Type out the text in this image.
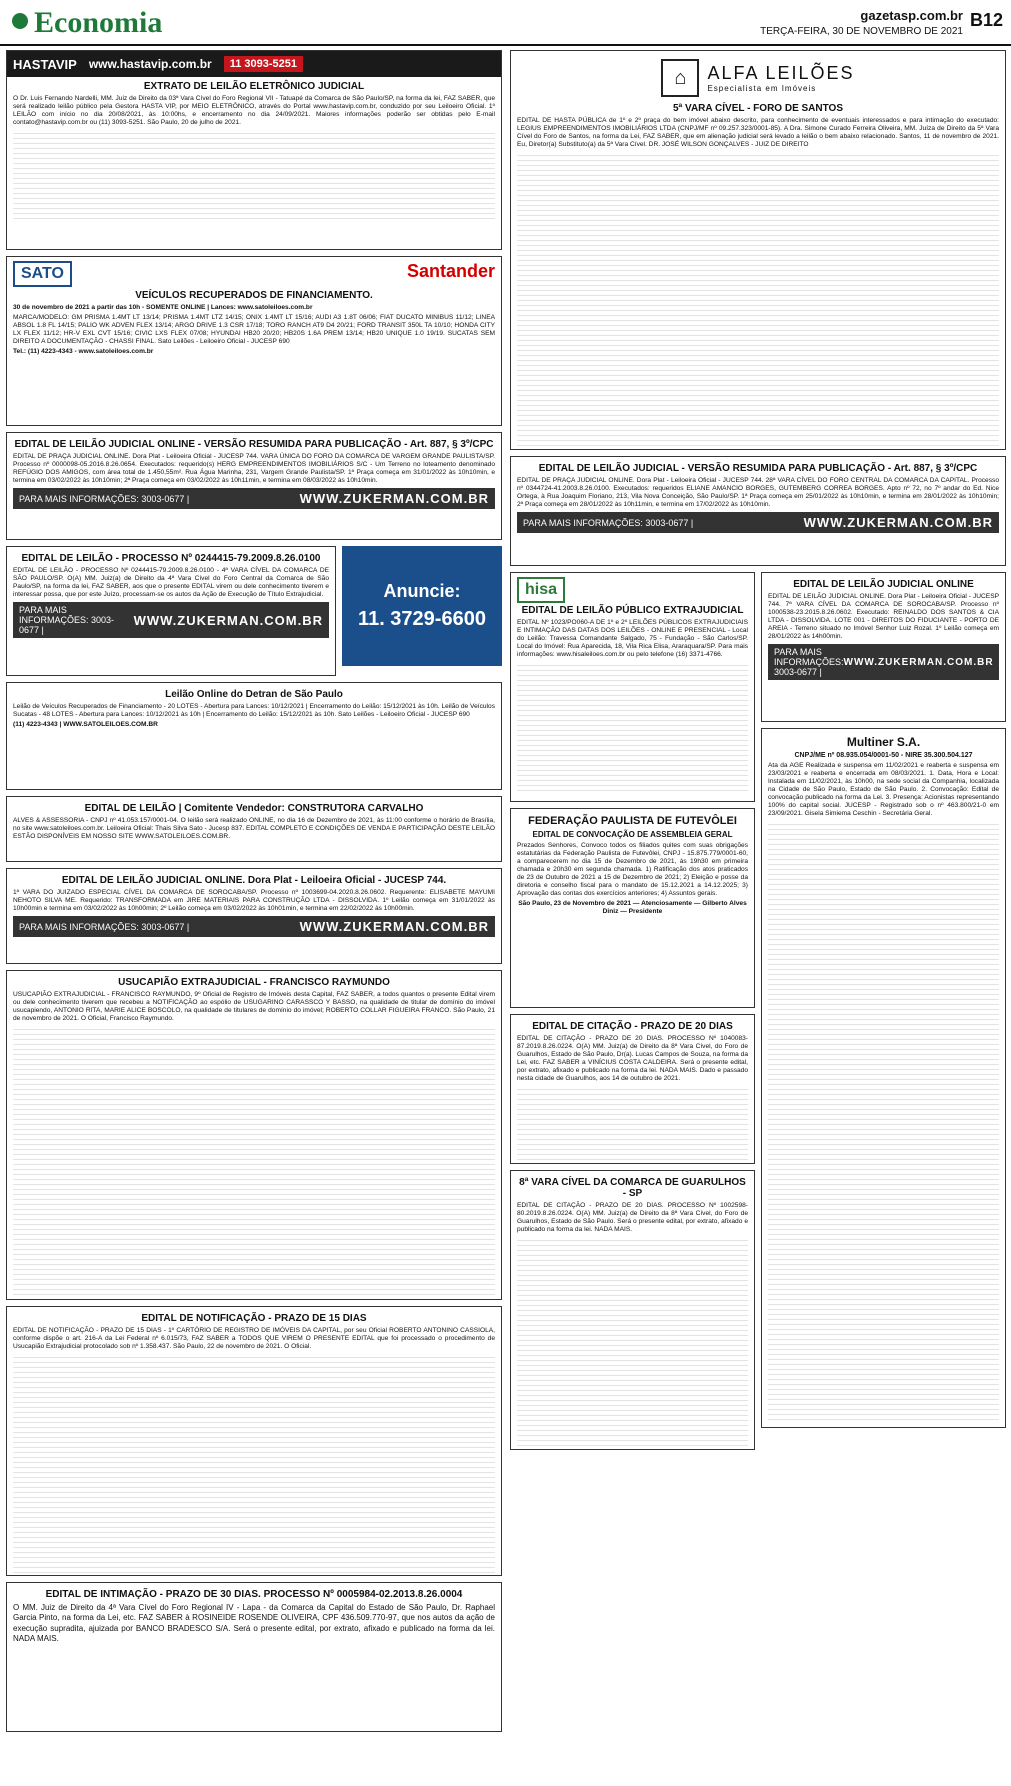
Economia	gazetasp.com.br
TERÇA-FEIRA, 30 DE NOVEMBRO DE 2021
B12
HASTAVIP www.hastavip.com.br	11 3093-5251
EXTRATO DE LEILÃO ELETRÔNICO JUDICIAL

O Dr. Luis Fernando Nardelli, MM. Juiz de Direito da 03ª Vara Cível do Foro Regional VII - Tatuapé da Comarca de São Paulo/SP, na forma da lei, FAZ SABER, que será realizado leilão público pela Gestora HASTA VIP, por MEIO ELETRÔNICO, através do Portal www.hastavip.com.br, conduzido por seu Leiloeiro Oficial. 1º LEILÃO com início no dia 20/08/2021, às 10:00hs, e encerramento no dia 24/09/2021. Maiores informações poderão ser obtidas pelo E-mail contato@hastavip.com.br ou (11) 3093-5251. São Paulo, 20 de julho de 2021.

SATO	Santander
VEÍCULOS RECUPERADOS DE FINANCIAMENTO.

30 de novembro de 2021 a partir das 10h - SOMENTE ONLINE | Lances: www.satoleiloes.com.br

MARCA/MODELO: GM PRISMA 1.4MT LT 13/14; PRISMA 1.4MT LTZ 14/15; ONIX 1.4MT LT 15/16; AUDI A3 1.8T 06/06; FIAT DUCATO MINIBUS 11/12; LINEA ABSOL 1.8 FL 14/15; PALIO WK ADVEN FLEX 13/14; ARGO DRIVE 1.3 CSR 17/18; TORO RANCH AT9 D4 20/21; FORD TRANSIT 350L TA 10/10; HONDA CITY LX FLEX 11/12; HR-V EXL CVT 15/16; CIVIC LXS FLEX 07/08; HYUNDAI HB20 20/20; HB20S 1.6A PREM 13/14; HB20 UNIQUE 1.0 19/19. SUCATAS SEM DIREITO A DOCUMENTAÇÃO - CHASSI FINAL. Sato Leilões - Leiloeiro Oficial - JUCESP 690

Tel.: (11) 4223-4343 - www.satoleiloes.com.br

EDITAL DE LEILÃO JUDICIAL ONLINE - VERSÃO RESUMIDA PARA PUBLICAÇÃO - Art. 887, § 3º/CPC

EDITAL DE PRAÇA JUDICIAL ONLINE. Dora Plat - Leiloeira Oficial - JUCESP 744. VARA ÚNICA DO FORO DA COMARCA DE VARGEM GRANDE PAULISTA/SP. Processo nº 0000098-05.2016.8.26.0654. Executados: requerido(s) HERG EMPREENDIMENTOS IMOBILIÁRIOS S/C - Um Terreno no loteamento denominado REFÚGIO DOS AMIGOS, com área total de 1.450,55m². Rua Água Marinha, 231, Vargem Grande Paulista/SP. 1ª Praça começa em 31/01/2022 às 10h10min, e termina em 03/02/2022 às 10h10min; 2ª Praça começa em 03/02/2022 às 10h11min, e termina em 08/03/2022 às 10h10min.

PARA MAIS INFORMAÇÕES: 3003-0677 |	WWW.ZUKERMAN.COM.BR
EDITAL DE LEILÃO - PROCESSO Nº 0244415-79.2009.8.26.0100

EDITAL DE LEILÃO - PROCESSO Nº 0244415-79.2009.8.26.0100 - 4ª VARA CÍVEL DA COMARCA DE SÃO PAULO/SP. O(A) MM. Juiz(a) de Direito da 4ª Vara Cível do Foro Central da Comarca de São Paulo/SP, na forma da lei, FAZ SABER, aos que o presente EDITAL virem ou dele conhecimento tiverem e interessar possa, que por este Juízo, processam-se os autos da Ação de Execução de Título Extrajudicial.

PARA MAIS INFORMAÇÕES: 3003-0677 |
WWW.ZUKERMAN.COM.BR
Anuncie:
11. 3729-6600
Leilão Online do Detran de São Paulo

Leilão de Veículos Recuperados de Financiamento - 20 LOTES - Abertura para Lances: 10/12/2021 | Encerramento do Leilão: 15/12/2021 às 10h. Leilão de Veículos Sucatas - 48 LOTES - Abertura para Lances: 10/12/2021 às 10h | Encerramento do Leilão: 15/12/2021 às 10h. Sato Leilões - Leiloeiro Oficial - JUCESP 690

(11) 4223-4343 | WWW.SATOLEILOES.COM.BR

EDITAL DE LEILÃO | Comitente Vendedor: CONSTRUTORA CARVALHO

ALVES & ASSESSORIA - CNPJ nº 41.053.157/0001-04. O leilão será realizado ONLINE, no dia 16 de Dezembro de 2021, às 11:00 conforme o horário de Brasília, no site www.satoleiloes.com.br. Leiloeira Oficial: Thais Silva Sato - Jucesp 837. EDITAL COMPLETO E CONDIÇÕES DE VENDA E PARTICIPAÇÃO DESTE LEILÃO ESTÃO DISPONÍVEIS EM NOSSO SITE WWW.SATOLEILOES.COM.BR.

EDITAL DE LEILÃO JUDICIAL ONLINE. Dora Plat - Leiloeira Oficial - JUCESP 744.

1ª VARA DO JUIZADO ESPECIAL CÍVEL DA COMARCA DE SOROCABA/SP. Processo nº 1003699-04.2020.8.26.0602. Requerente: ELISABETE MAYUMI NEHOTO SILVA ME. Requerido: TRANSFORMADA em JIRE MATERIAIS PARA CONSTRUÇÃO LTDA - DISSOLVIDA. 1º Leilão começa em 31/01/2022 às 10h00min e termina em 03/02/2022 às 10h00min; 2º Leilão começa em 03/02/2022 às 10h01min, e termina em 22/02/2022 às 10h00min.

PARA MAIS INFORMAÇÕES: 3003-0677 |	WWW.ZUKERMAN.COM.BR
USUCAPIÃO EXTRAJUDICIAL - FRANCISCO RAYMUNDO

USUCAPIÃO EXTRAJUDICIAL - FRANCISCO RAYMUNDO, 9º Oficial de Registro de Imóveis desta Capital, FAZ SABER, a todos quantos o presente Edital virem ou dele conhecimento tiverem que recebeu a NOTIFICAÇÃO ao espólio de USUGARINO CARASSCO Y BASSO, na qualidade de titular de domínio do imóvel usucapiendo, ANTONIO RITA, MARIE ALICE BOSCOLO, na qualidade de titulares de domínio do imóvel; ROBERTO COLLAR FIGUEIRA FRANCO. São Paulo, 21 de novembro de 2021. O Oficial, Francisco Raymundo.

EDITAL DE NOTIFICAÇÃO - PRAZO DE 15 DIAS

EDITAL DE NOTIFICAÇÃO - PRAZO DE 15 DIAS - 1º CARTÓRIO DE REGISTRO DE IMÓVEIS DA CAPITAL, por seu Oficial ROBERTO ANTONINO CASSIOLA, conforme dispõe o art. 216-A da Lei Federal nº 6.015/73, FAZ SABER a TODOS QUE VIREM O PRESENTE EDITAL que foi processado o procedimento de Usucapião Extrajudicial protocolado sob nº 1.358.437. São Paulo, 22 de novembro de 2021. O Oficial.

EDITAL DE INTIMAÇÃO - PRAZO DE 30 DIAS. PROCESSO Nº 0005984-02.2013.8.26.0004

O MM. Juiz de Direito da 4ª Vara Cível do Foro Regional IV - Lapa - da Comarca da Capital do Estado de São Paulo, Dr. Raphael Garcia Pinto, na forma da Lei, etc. FAZ SABER à ROSINEIDE ROSENDE OLIVEIRA, CPF 436.509.770-97, que nos autos da ação de execução supradita, ajuizada por BANCO BRADESCO S/A. Será o presente edital, por extrato, afixado e publicado na forma da lei. NADA MAIS.

⌂	ALFA LEILÕES
Especialista em Imóveis
5ª VARA CÍVEL - FORO DE SANTOS

EDITAL DE HASTA PÚBLICA de 1º e 2º praça do bem imóvel abaixo descrito, para conhecimento de eventuais interessados e para intimação do executado: LEGIUS EMPREENDIMENTOS IMOBILIÁRIOS LTDA (CNPJ/MF nº 09.257.323/0001-85). A Dra. Simone Curado Ferreira Oliveira, MM. Juíza de Direito da 5ª Vara Cível do Foro de Santos, na forma da Lei, FAZ SABER, que em alienação judicial será levado a leilão o bem abaixo relacionado. Santos, 11 de novembro de 2021. Eu, Diretor(a) Substituto(a) da 5ª Vara Cível. DR. JOSÉ WILSON GONÇALVES - JUIZ DE DIREITO

EDITAL DE LEILÃO JUDICIAL - VERSÃO RESUMIDA PARA PUBLICAÇÃO - Art. 887, § 3º/CPC

EDITAL DE PRAÇA JUDICIAL ONLINE. Dora Plat - Leiloeira Oficial - JUCESP 744. 28ª VARA CÍVEL DO FORO CENTRAL DA COMARCA DA CAPITAL. Processo nº 0344724-41.2003.8.26.0100. Executados: requeridos ELIANE AMANCIO BORGES, GUTEMBERG CORREA BORGES. Apto nº 72, no 7º andar do Ed. Nice Ortega, à Rua Joaquim Floriano, 213, Vila Nova Conceição, São Paulo/SP. 1ª Praça começa em 25/01/2022 às 10h10min, e termina em 28/01/2022 às 10h10min; 2ª Praça começa em 28/01/2022 às 10h11min, e termina em 17/02/2022 às 10h10min.

PARA MAIS INFORMAÇÕES: 3003-0677 |	WWW.ZUKERMAN.COM.BR
hisa
EDITAL DE LEILÃO PÚBLICO EXTRAJUDICIAL

EDITAL Nº 1023/PO060-A DE 1º e 2º LEILÕES PÚBLICOS EXTRAJUDICIAIS E INTIMAÇÃO DAS DATAS DOS LEILÕES - ONLINE E PRESENCIAL - Local do Leilão: Travessa Comandante Salgado, 75 - Fundação - São Carlos/SP. Local do Imóvel: Rua Aparecida, 18, Vila Rica Elisa, Araraquara/SP. Para mais informações: www.hisaleiloes.com.br ou pelo telefone (16) 3371-4766.

FEDERAÇÃO PAULISTA DE FUTEVÔLEI
EDITAL DE CONVOCAÇÃO DE ASSEMBLEIA GERAL

Prezados Senhores, Convoco todos os filiados quites com suas obrigações estatutárias da Federação Paulista de Futevôlei, CNPJ - 15.875.779/0001-60, a comparecerem no dia 15 de Dezembro de 2021, às 19h30 em primeira chamada e 20h30 em segunda chamada. 1) Ratificação dos atos praticados de 23 de Outubro de 2021 a 15 de Dezembro de 2021; 2) Eleição e posse da diretoria e conselho fiscal para o mandato de 15.12.2021 a 14.12.2025; 3) Aprovação das contas dos exercícios anteriores; 4) Assuntos gerais.

São Paulo, 23 de Novembro de 2021 — Atenciosamente — Gilberto Alves Diniz — Presidente

EDITAL DE CITAÇÃO - PRAZO DE 20 DIAS

EDITAL DE CITAÇÃO - PRAZO DE 20 DIAS. PROCESSO Nº 1040083-87.2019.8.26.0224. O(A) MM. Juiz(a) de Direito da 8ª Vara Cível, do Foro de Guarulhos, Estado de São Paulo, Dr(a). Lucas Campos de Souza, na forma da Lei, etc. FAZ SABER a VINÍCIUS COSTA CALDEIRA. Será o presente edital, por extrato, afixado e publicado na forma da lei. NADA MAIS. Dado e passado nesta cidade de Guarulhos, aos 14 de outubro de 2021.

8ª VARA CÍVEL DA COMARCA DE GUARULHOS - SP

EDITAL DE CITAÇÃO - PRAZO DE 20 DIAS. PROCESSO Nº 1002598-80.2019.8.26.0224. O(A) MM. Juiz(a) de Direito da 8ª Vara Cível, do Foro de Guarulhos, Estado de São Paulo. Será o presente edital, por extrato, afixado e publicado na forma da lei. NADA MAIS.

EDITAL DE LEILÃO JUDICIAL ONLINE

EDITAL DE LEILÃO JUDICIAL ONLINE. Dora Plat - Leiloeira Oficial - JUCESP 744. 7ª VARA CÍVEL DA COMARCA DE SOROCABA/SP. Processo nº 1000538-23.2015.8.26.0602. Executado: REINALDO DOS SANTOS & CIA LTDA - DISSOLVIDA. LOTE 001 - DIREITOS DO FIDUCIANTE - PORTO DE AREIA - Terreno situado no Imóvel Senhor Luiz Rozal. 1º Leilão começa em 28/01/2022 às 14h00min.

PARA MAIS INFORMAÇÕES: 3003-0677 |
WWW.ZUKERMAN.COM.BR
Multiner S.A.
CNPJ/ME nº 08.935.054/0001-50 - NIRE 35.300.504.127

Ata da AGE Realizada e suspensa em 11/02/2021 e reaberta e suspensa em 23/03/2021 e reaberta e encerrada em 08/03/2021. 1. Data, Hora e Local: Instalada em 11/02/2021, às 10h00, na sede social da Companhia, localizada na Cidade de São Paulo, Estado de São Paulo. 2. Convocação: Edital de convocação publicado na forma da Lei. 3. Presença: Acionistas representando 100% do capital social. JUCESP - Registrado sob o nº 463.800/21-0 em 23/09/2021. Gisela Simiema Ceschin - Secretária Geral.
